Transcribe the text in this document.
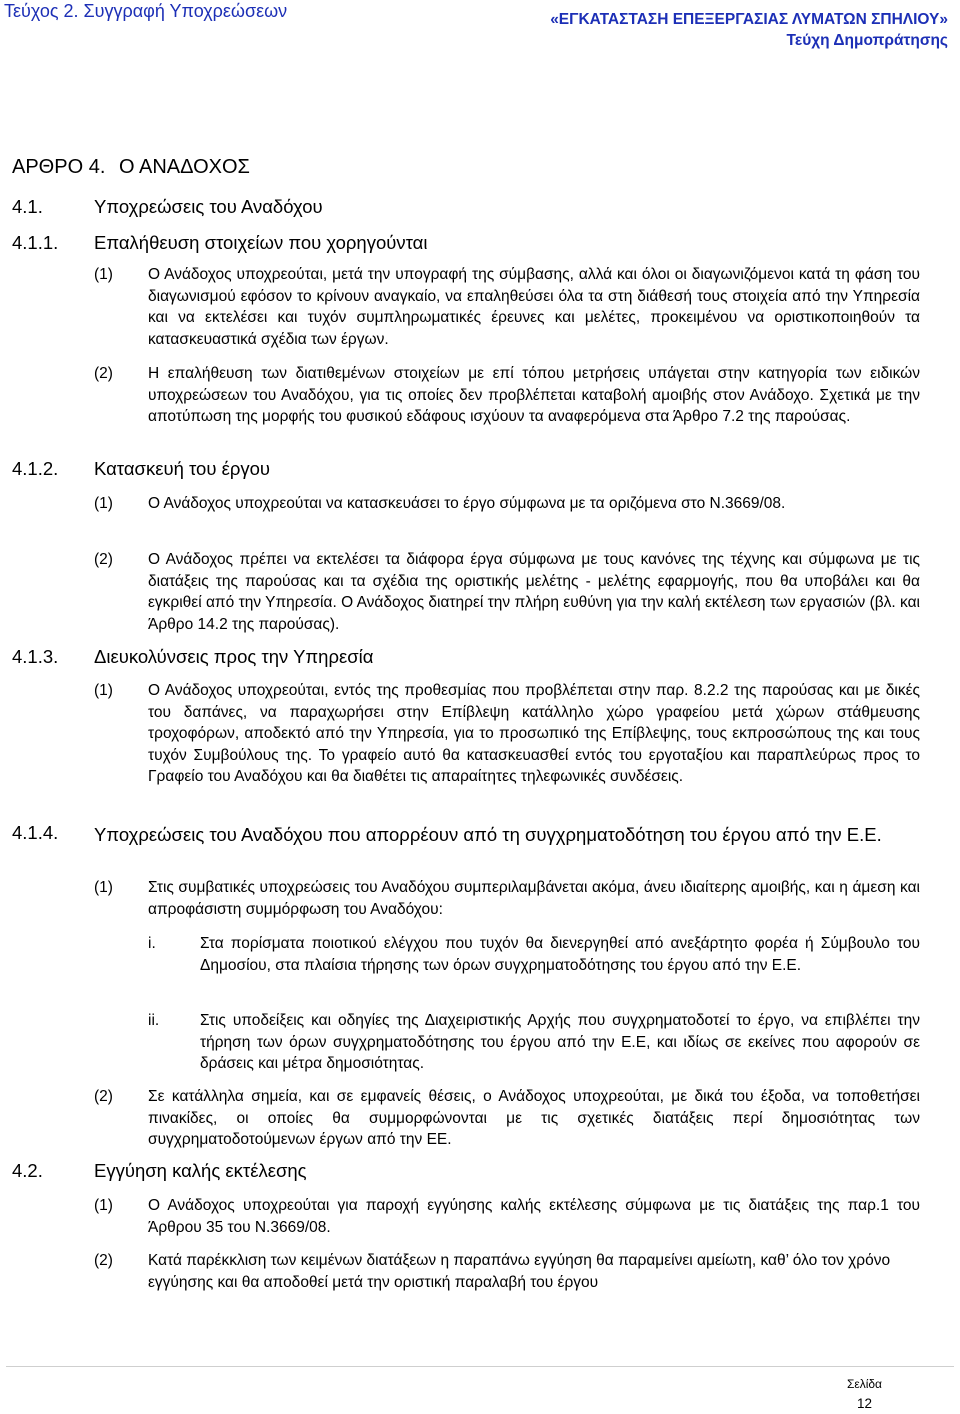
Τεύχος 2. Συγγραφή Υποχρεώσεων	«ΕΓΚΑΤΑΣΤΑΣΗ ΕΠΕΞΕΡΓΑΣΙΑΣ ΛΥΜΑΤΩΝ ΣΠΗΛΙΟΥ»
Τεύχη Δημοπράτησης
ΑΡΘΡΟ 4. Ο ΑΝΑΔΟΧΟΣ
4.1.	Υποχρεώσεις του Αναδόχου
4.1.1. Επαλήθευση στοιχείων που χορηγούνται
(1) Ο Ανάδοχος υποχρεούται, μετά την υπογραφή της σύμβασης, αλλά και όλοι οι διαγωνιζόμενοι κατά τη φάση του διαγωνισμού εφόσον το κρίνουν αναγκαίο, να επαληθεύσει όλα τα στη διάθεσή τους στοιχεία από την Υπηρεσία και να εκτελέσει και τυχόν συμπληρωματικές έρευνες και μελέτες, προκειμένου να οριστικοποιηθούν τα κατασκευαστικά σχέδια των έργων.
(2) Η επαλήθευση των διατιθεμένων στοιχείων με επί τόπου μετρήσεις υπάγεται στην κατηγορία των ειδικών υποχρεώσεων του Αναδόχου, για τις οποίες δεν προβλέπεται καταβολή αμοιβής στον Ανάδοχο. Σχετικά με την αποτύπωση της μορφής του φυσικού εδάφους ισχύουν τα αναφερόμενα στα Άρθρο 7.2 της παρούσας.
4.1.2. Κατασκευή του έργου
(1) Ο Ανάδοχος υποχρεούται να κατασκευάσει το έργο σύμφωνα με τα οριζόμενα στο Ν.3669/08.
(2) Ο Ανάδοχος πρέπει να εκτελέσει τα διάφορα έργα σύμφωνα με τους κανόνες της τέχνης και σύμφωνα με τις διατάξεις της παρούσας και τα σχέδια της οριστικής μελέτης - μελέτης εφαρμογής, που θα υποβάλει και θα εγκριθεί από την Υπηρεσία. Ο Ανάδοχος διατηρεί την πλήρη ευθύνη για την καλή εκτέλεση των εργασιών (βλ. και Άρθρο 14.2 της παρούσας).
4.1.3. Διευκολύνσεις προς την Υπηρεσία
(1) Ο Ανάδοχος υποχρεούται, εντός της προθεσμίας που προβλέπεται στην παρ. 8.2.2 της παρούσας και με δικές του δαπάνες, να παραχωρήσει στην Επίβλεψη κατάλληλο χώρο γραφείου μετά χώρων στάθμευσης τροχοφόρων, αποδεκτό από την Υπηρεσία, για το προσωπικό της Επίβλεψης, τους εκπροσώπους της και τους τυχόν Συμβούλους της. Το γραφείο αυτό θα κατασκευασθεί εντός του εργοταξίου και παραπλεύρως προς το Γραφείο του Αναδόχου και θα διαθέτει τις απαραίτητες τηλεφωνικές συνδέσεις.
4.1.4. Υποχρεώσεις του Αναδόχου που απορρέουν από τη συγχρηματοδότηση του έργου από την Ε.Ε.
(1) Στις συμβατικές υποχρεώσεις του Αναδόχου συμπεριλαμβάνεται ακόμα, άνευ ιδιαίτερης αμοιβής, και η άμεση και απροφάσιστη συμμόρφωση του Αναδόχου:
i.	Στα πορίσματα ποιοτικού ελέγχου που τυχόν θα διενεργηθεί από ανεξάρτητο φορέα ή Σύμβουλο του Δημοσίου, στα πλαίσια τήρησης των όρων συγχρηματοδότησης του έργου από την Ε.Ε.
ii.	Στις υποδείξεις και οδηγίες της Διαχειριστικής Αρχής που συγχρηματοδοτεί το έργο, να επιβλέπει την τήρηση των όρων συγχρηματοδότησης του έργου από την Ε.Ε, και ιδίως σε εκείνες που αφορούν σε δράσεις και μέτρα δημοσιότητας.
(2) Σε κατάλληλα σημεία, και σε εμφανείς θέσεις, ο Ανάδοχος υποχρεούται, με δικά του έξοδα, να τοποθετήσει πινακίδες, οι οποίες θα συμμορφώνονται με τις σχετικές διατάξεις περί δημοσιότητας των συγχρηματοδοτούμενων έργων από την ΕΕ.
4.2.	Εγγύηση καλής εκτέλεσης
(1) Ο Ανάδοχος υποχρεούται για παροχή εγγύησης καλής εκτέλεσης σύμφωνα με τις διατάξεις της παρ.1 του Άρθρου 35 του Ν.3669/08.
(2) Κατά παρέκκλιση των κειμένων διατάξεων η παραπάνω εγγύηση θα παραμείνει αμείωτη, καθ’ όλο τον χρόνο εγγύησης και θα αποδοθεί μετά την οριστική παραλαβή του έργου
Σελίδα
12
